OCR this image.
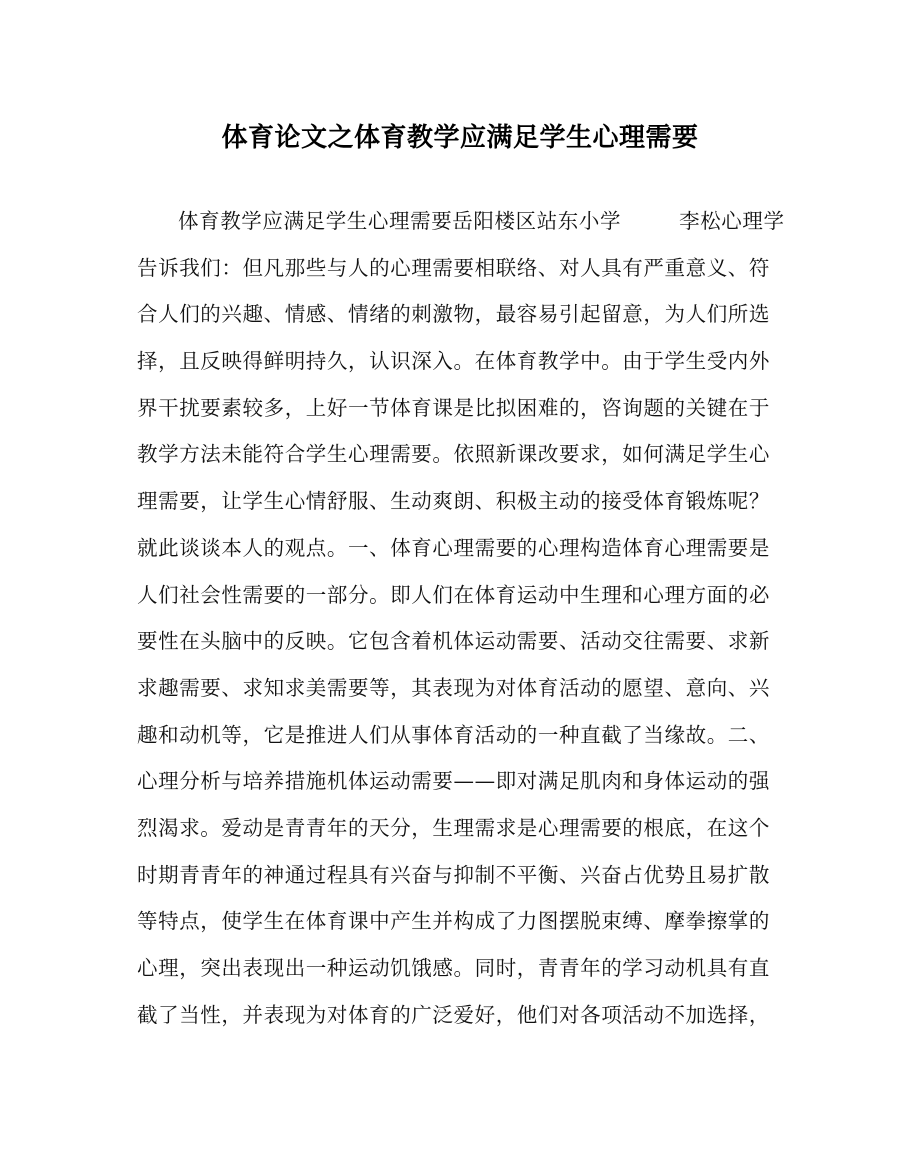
体育论文之体育教学应满足学生心理需要
体育教学应满足学生心理需要岳阳楼区站东小学	李松心理学
告诉我们：但凡那些与人的心理需要相联络、对人具有严重意义、符
合人们的兴趣、情感、情绪的刺激物，最容易引起留意，为人们所选
择，且反映得鲜明持久，认识深入。在体育教学中。由于学生受内外
界干扰要素较多，上好一节体育课是比拟困难的，咨询题的关键在于
教学方法未能符合学生心理需要。依照新课改要求，如何满足学生心
理需要，让学生心情舒服、生动爽朗、积极主动的接受体育锻炼呢？
就此谈谈本人的观点。一、体育心理需要的心理构造体育心理需要是
人们社会性需要的一部分。即人们在体育运动中生理和心理方面的必
要性在头脑中的反映。它包含着机体运动需要、活动交往需要、求新
求趣需要、求知求美需要等，其表现为对体育活动的愿望、意向、兴
趣和动机等，它是推进人们从事体育活动的一种直截了当缘故。二、
心理分析与培养措施机体运动需要——即对满足肌肉和身体运动的强
烈渴求。爱动是青青年的天分，生理需求是心理需要的根底，在这个
时期青青年的神通过程具有兴奋与抑制不平衡、兴奋占优势且易扩散
等特点，使学生在体育课中产生并构成了力图摆脱束缚、摩拳擦掌的
心理，突出表现出一种运动饥饿感。同时，青青年的学习动机具有直
截了当性，并表现为对体育的广泛爱好，他们对各项活动不加选择，
